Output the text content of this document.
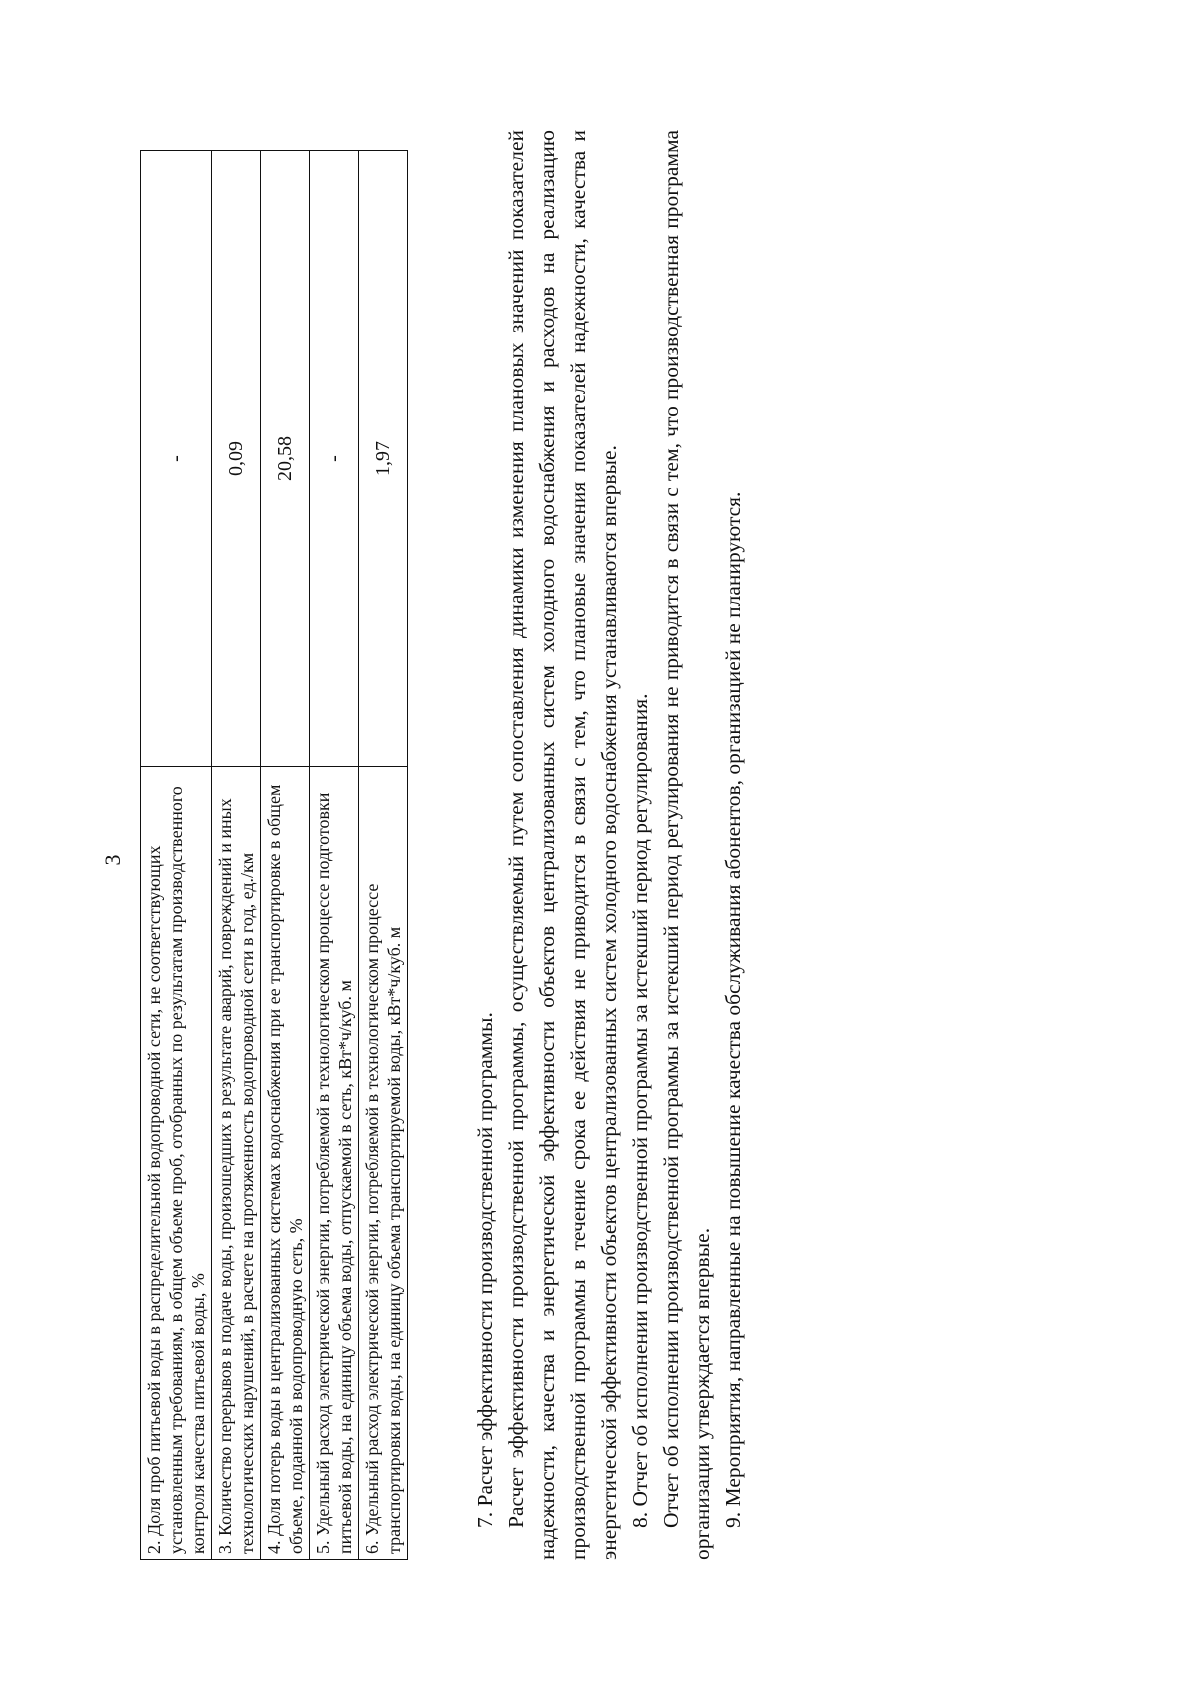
3 2. Доля проб питьевой воды в распределительной водопроводной сети, не соответствующих установленным требованиям, в общем объеме проб, отобранных по результатам производственного контроля качества питьевой воды, %	-
3. Количество перерывов в подаче воды, произошедших в результате аварий, повреждений и иных технологических нарушений, в расчете на протяженность водопроводной сети в год, ед./км	0,09
4. Доля потерь воды в централизованных системах водоснабжения при ее транспортировке в общем объеме, поданной в водопроводную сеть, %	20,58
5. Удельный расход электрической энергии, потребляемой в технологическом процессе подготовки питьевой воды, на единицу объема воды, отпускаемой в сеть, кВт*ч/куб. м	-
6. Удельный расход электрической энергии, потребляемой в технологическом процессе транспортировки воды, на единицу объема транспортируемой воды, кВт*ч/куб. м	1,97

7. Расчет эффективности производственной программы. Расчет эффективности производственной программы, осуществляемый путем сопоставления динамики изменения плановых значений показателей надежности, качества и энергетической эффективности объектов централизованных систем холодного водоснабжения и расходов на реализацию производственной программы в течение срока ее действия не приводится в связи с тем, что плановые значения показателей надежности, качества и энергетической эффективности объектов централизованных систем холодного водоснабжения устанавливаются впервые. 8. Отчет об исполнении производственной программы за истекший период регулирования. Отчет об исполнении производственной программы за истекший период регулирования не приводится в связи с тем, что производственная программа организации утверждается впервые. 9. Мероприятия, направленные на повышение качества обслуживания абонентов, организацией не планируются.
